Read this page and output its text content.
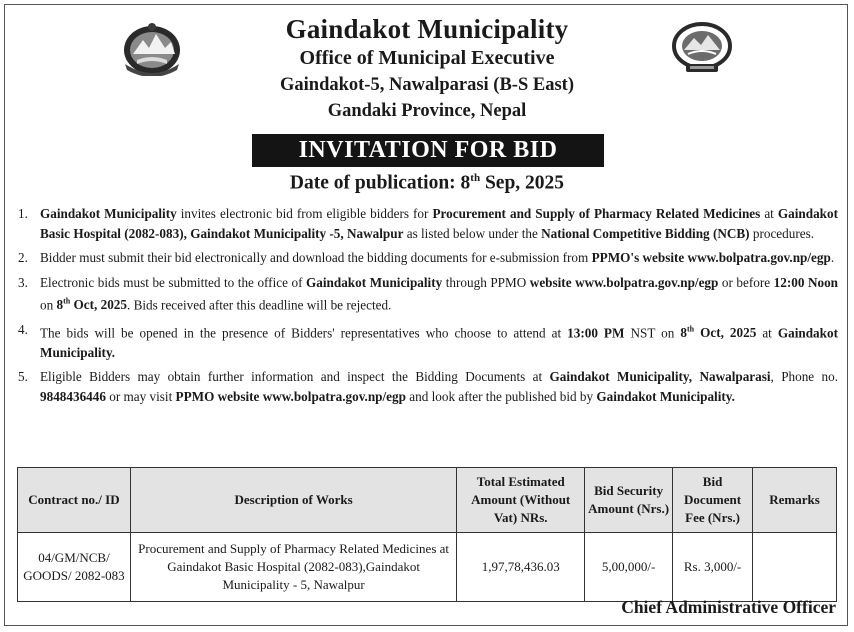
Gaindakot Municipality
Office of Municipal Executive
Gaindakot-5, Nawalparasi (B-S East)
Gandaki Province, Nepal
INVITATION FOR BID
Date of publication: 8th Sep, 2025
1. Gaindakot Municipality invites electronic bid from eligible bidders for Procurement and Supply of Pharmacy Related Medicines at Gaindakot Basic Hospital (2082-083), Gaindakot Municipality -5, Nawalpur as listed below under the National Competitive Bidding (NCB) procedures.
2. Bidder must submit their bid electronically and download the bidding documents for e-submission from PPMO's website www.bolpatra.gov.np/egp.
3. Electronic bids must be submitted to the office of Gaindakot Municipality through PPMO website www.bolpatra.gov.np/egp or before 12:00 Noon on 8th Oct, 2025. Bids received after this deadline will be rejected.
4. The bids will be opened in the presence of Bidders' representatives who choose to attend at 13:00 PM NST on 8th Oct, 2025 at Gaindakot Municipality.
5. Eligible Bidders may obtain further information and inspect the Bidding Documents at Gaindakot Municipality, Nawalparasi, Phone no. 9848436446 or may visit PPMO website www.bolpatra.gov.np/egp and look after the published bid by Gaindakot Municipality.
Contract no./ ID	Description of Works	Total Estimated Amount (Without Vat) NRs.	Bid Security Amount (Nrs.)	Bid Document Fee (Nrs.)	Remarks
04/GM/NCB/ GOODS/ 2082-083	Procurement and Supply of Pharmacy Related Medicines at Gaindakot Basic Hospital (2082-083),Gaindakot Municipality - 5, Nawalpur	1,97,78,436.03	5,00,000/-	Rs. 3,000/-	
Chief Administrative Officer
